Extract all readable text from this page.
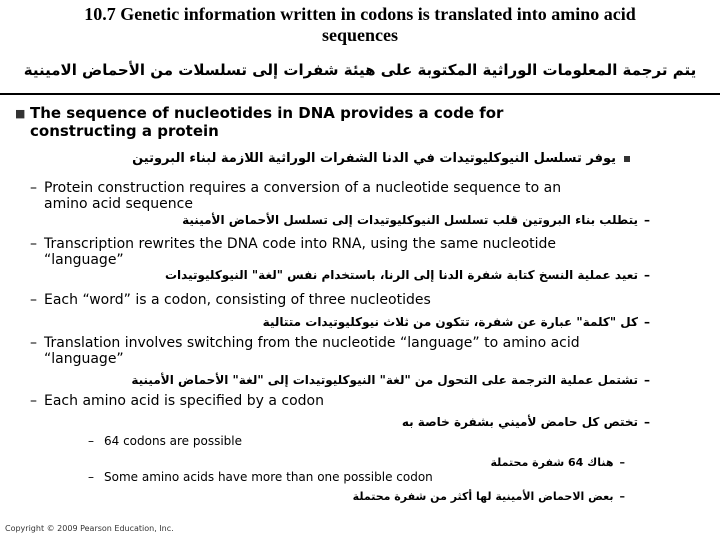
10.7 Genetic information written in codons is translated into amino acid
sequences
يتم ترجمة المعلومات الوراثية المكتوبة على هيئة شفرات إلى تسلسلات من الأحماض الامينية
■ The sequence of nucleotides in DNA provides a code for
constructing a protein
يوفر تسلسل النيوكليوتيدات في الدنا الشفرات الوراثية اللازمة لبناء البروتين
– Protein construction requires a conversion of a nucleotide sequence to an
amino acid sequence
–يتطلب بناء البروتين قلب تسلسل النيوكليوتيدات إلى تسلسل الأحماض الأمينية
– Transcription rewrites the DNA code into RNA, using the same nucleotide
“language”
–تعيد عملية النسخ كتابة شفرة الدنا إلى الرنا، باستخدام نفس "لغة" النيوكليوتيدات
– Each “word” is a codon, consisting of three nucleotides
–كل "كلمة" عبارة عن شفرة، تتكون من ثلاث نيوكليوتيدات متتالية
– Translation involves switching from the nucleotide “language” to amino acid
“language”
–تشتمل عملية الترجمة على التحول من "لغة" النيوكليوتيدات إلى "لغة" الأحماض الأمينية
– Each amino acid is specified by a codon
–تختص كل حامض لأميني بشفرة خاصة به
– 64 codons are possible
–هناك 64 شفرة محتملة
– Some amino acids have more than one possible codon
–بعض الاحماض الأمينية لها أكثر من شفرة محتملة
Copyright © 2009 Pearson Education, Inc.
